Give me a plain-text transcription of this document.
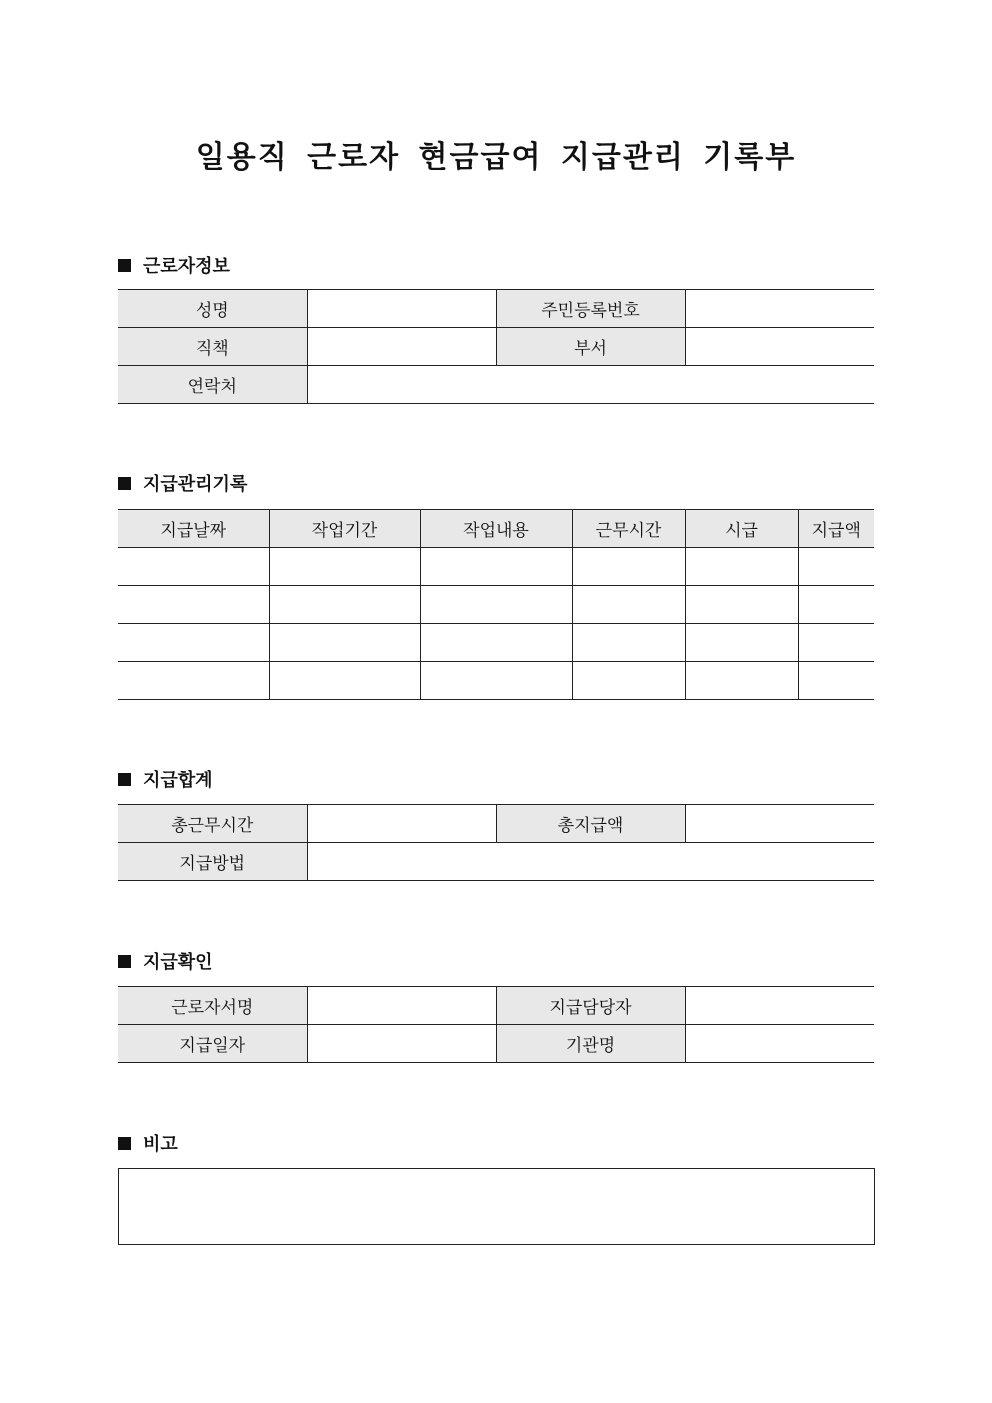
일용직 근로자 현금급여 지급관리 기록부
근로자정보
성명		주민등록번호	
직책		부서	
연락처			
지급관리기록
지급날짜	작업기간	작업내용	근무시간	시급	지급액

지급합계
총근무시간		총지급액	
지급방법			
지급확인
근로자서명		지급담당자	
지급일자		기관명	
비고
